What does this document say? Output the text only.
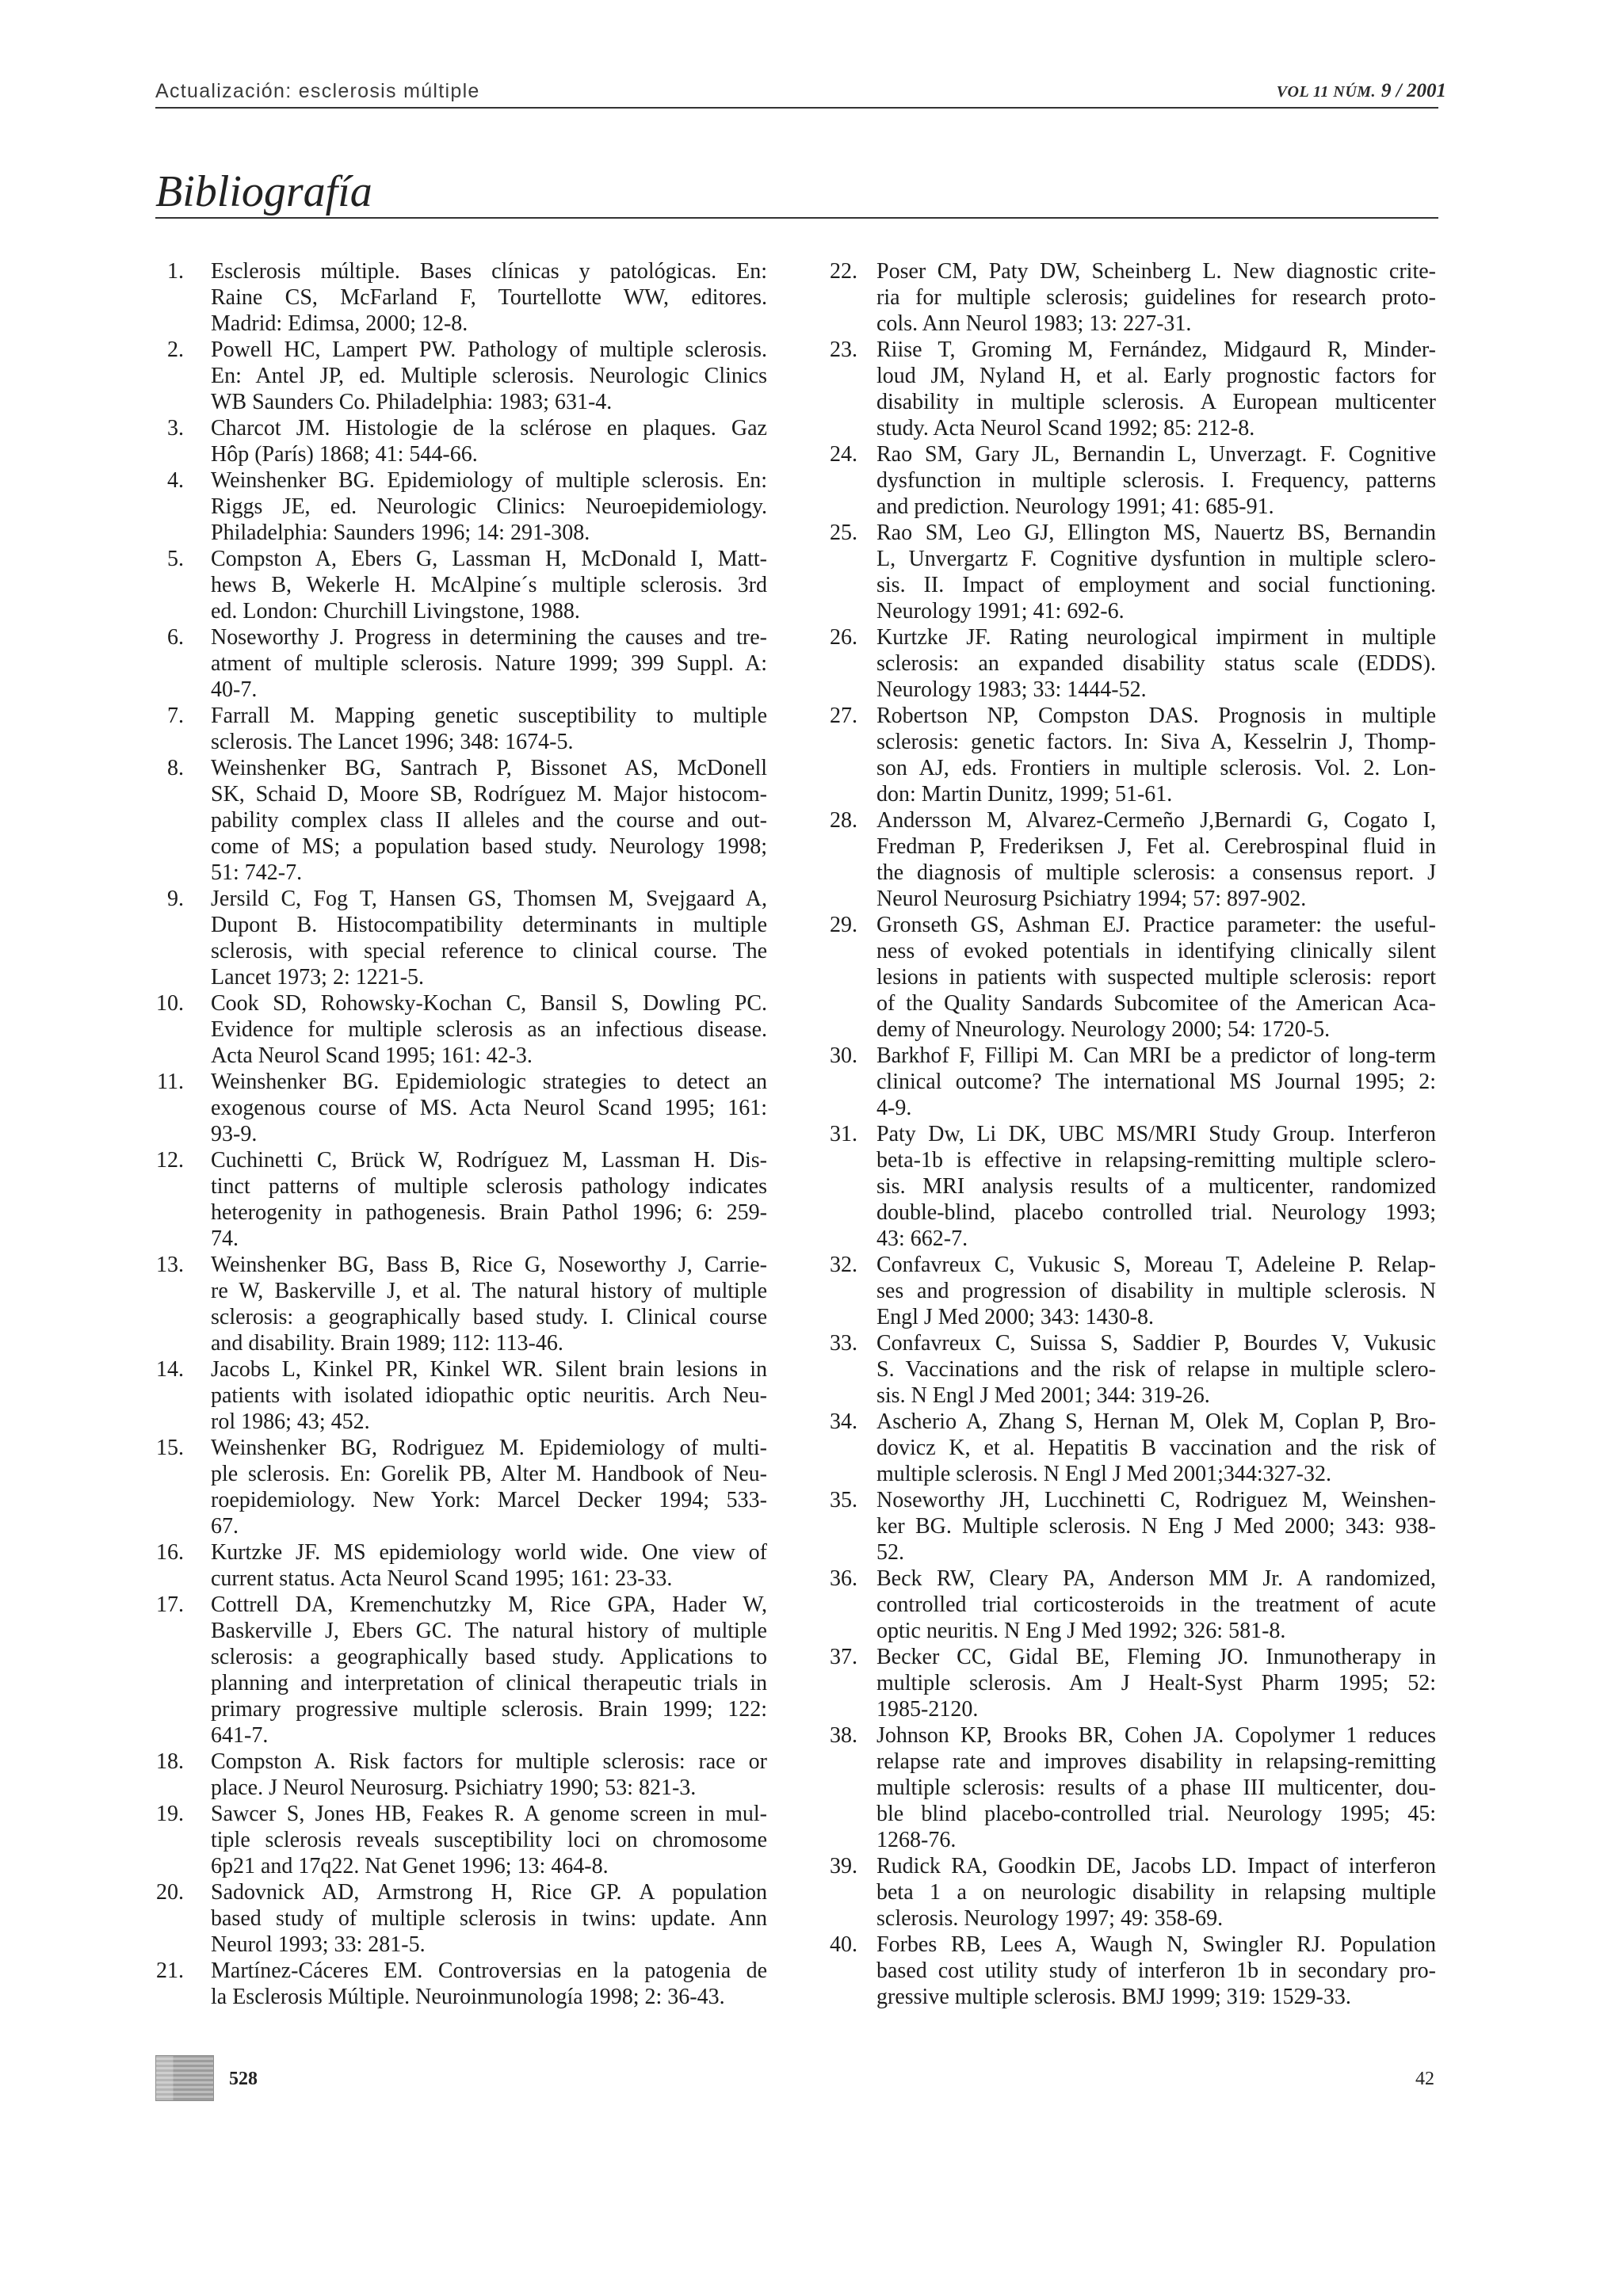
Actualización: esclerosis múltiple	VOL 11 NÚM. 9 / 2001
Bibliografía
1.	Esclerosis múltiple. Bases clínicas y patológicas. En:
Raine CS, McFarland F, Tourtellotte WW, editores.
Madrid: Edimsa, 2000; 12-8.
2.	Powell HC, Lampert PW. Pathology of multiple sclerosis.
En: Antel JP, ed. Multiple sclerosis. Neurologic Clinics
WB Saunders Co. Philadelphia: 1983; 631-4.
3.	Charcot JM. Histologie de la sclérose en plaques. Gaz
Hôp (París) 1868; 41: 544-66.
4.	Weinshenker BG. Epidemiology of multiple sclerosis. En:
Riggs JE, ed. Neurologic Clinics: Neuroepidemiology.
Philadelphia: Saunders 1996; 14: 291-308.
5.	Compston A, Ebers G, Lassman H, McDonald I, Matt-
hews B, Wekerle H. McAlpine´s multiple sclerosis. 3rd
ed. London: Churchill Livingstone, 1988.
6.	Noseworthy J. Progress in determining the causes and tre-
atment of multiple sclerosis. Nature 1999; 399 Suppl. A:
40-7.
7.	Farrall M. Mapping genetic susceptibility to multiple
sclerosis. The Lancet 1996; 348: 1674-5.
8.	Weinshenker BG, Santrach P, Bissonet AS, McDonell
SK, Schaid D, Moore SB, Rodríguez M. Major histocom-
pability complex class II alleles and the course and out-
come of MS; a population based study. Neurology 1998;
51: 742-7.
9.	Jersild C, Fog T, Hansen GS, Thomsen M, Svejgaard A,
Dupont B. Histocompatibility determinants in multiple
sclerosis, with special reference to clinical course. The
Lancet 1973; 2: 1221-5.
10.	Cook SD, Rohowsky-Kochan C, Bansil S, Dowling PC.
Evidence for multiple sclerosis as an infectious disease.
Acta Neurol Scand 1995; 161: 42-3.
11.	Weinshenker BG. Epidemiologic strategies to detect an
exogenous course of MS. Acta Neurol Scand 1995; 161:
93-9.
12.	Cuchinetti C, Brück W, Rodríguez M, Lassman H. Dis-
tinct patterns of multiple sclerosis pathology indicates
heterogenity in pathogenesis. Brain Pathol 1996; 6: 259-
74.
13.	Weinshenker BG, Bass B, Rice G, Noseworthy J, Carrie-
re W, Baskerville J, et al. The natural history of multiple
sclerosis: a geographically based study. I. Clinical course
and disability. Brain 1989; 112: 113-46.
14.	Jacobs L, Kinkel PR, Kinkel WR. Silent brain lesions in
patients with isolated idiopathic optic neuritis. Arch Neu-
rol 1986; 43; 452.
15.	Weinshenker BG, Rodriguez M. Epidemiology of multi-
ple sclerosis. En: Gorelik PB, Alter M. Handbook of Neu-
roepidemiology. New York: Marcel Decker 1994; 533-
67.
16.	Kurtzke JF. MS epidemiology world wide. One view of
current status. Acta Neurol Scand 1995; 161: 23-33.
17.	Cottrell DA, Kremenchutzky M, Rice GPA, Hader W,
Baskerville J, Ebers GC. The natural history of multiple
sclerosis: a geographically based study. Applications to
planning and interpretation of clinical therapeutic trials in
primary progressive multiple sclerosis. Brain 1999; 122:
641-7.
18.	Compston A. Risk factors for multiple sclerosis: race or
place. J Neurol Neurosurg. Psichiatry 1990; 53: 821-3.
19.	Sawcer S, Jones HB, Feakes R. A genome screen in mul-
tiple sclerosis reveals susceptibility loci on chromosome
6p21 and 17q22. Nat Genet 1996; 13: 464-8.
20.	Sadovnick AD, Armstrong H, Rice GP. A population
based study of multiple sclerosis in twins: update. Ann
Neurol 1993; 33: 281-5.
21.	Martínez-Cáceres EM. Controversias en la patogenia de
la Esclerosis Múltiple. Neuroinmunología 1998; 2: 36-43.
22. Poser CM, Paty DW, Scheinberg L. New diagnostic crite-
ria for multiple sclerosis; guidelines for research proto-
cols. Ann Neurol 1983; 13: 227-31.
23. Riise T, Groming M, Fernández, Midgaurd R, Minder-
loud JM, Nyland H, et al. Early prognostic factors for
disability in multiple sclerosis. A European multicenter
study. Acta Neurol Scand 1992; 85: 212-8.
24. Rao SM, Gary JL, Bernandin L, Unverzagt. F. Cognitive
dysfunction in multiple sclerosis. I. Frequency, patterns
and prediction. Neurology 1991; 41: 685-91.
25. Rao SM, Leo GJ, Ellington MS, Nauertz BS, Bernandin
L, Unvergartz F. Cognitive dysfuntion in multiple sclero-
sis. II. Impact of employment and social functioning.
Neurology 1991; 41: 692-6.
26. Kurtzke JF. Rating neurological impirment in multiple
sclerosis: an expanded disability status scale (EDDS).
Neurology 1983; 33: 1444-52.
27. Robertson NP, Compston DAS. Prognosis in multiple
sclerosis: genetic factors. In: Siva A, Kesselrin J, Thomp-
son AJ, eds. Frontiers in multiple sclerosis. Vol. 2. Lon-
don: Martin Dunitz, 1999; 51-61.
28. Andersson M, Alvarez-Cermeño J,Bernardi G, Cogato I,
Fredman P, Frederiksen J, Fet al. Cerebrospinal fluid in
the diagnosis of multiple sclerosis: a consensus report. J
Neurol Neurosurg Psichiatry 1994; 57: 897-902.
29. Gronseth GS, Ashman EJ. Practice parameter: the useful-
ness of evoked potentials in identifying clinically silent
lesions in patients with suspected multiple sclerosis: report
of the Quality Sandards Subcomitee of the American Aca-
demy of Nneurology. Neurology 2000; 54: 1720-5.
30. Barkhof F, Fillipi M. Can MRI be a predictor of long-term
clinical outcome? The international MS Journal 1995; 2:
4-9.
31. Paty Dw, Li DK, UBC MS/MRI Study Group. Interferon
beta-1b is effective in relapsing-remitting multiple sclero-
sis. MRI analysis results of a multicenter, randomized
double-blind, placebo controlled trial. Neurology 1993;
43: 662-7.
32. Confavreux C, Vukusic S, Moreau T, Adeleine P. Relap-
ses and progression of disability in multiple sclerosis. N
Engl J Med 2000; 343: 1430-8.
33. Confavreux C, Suissa S, Saddier P, Bourdes V, Vukusic
S. Vaccinations and the risk of relapse in multiple sclero-
sis. N Engl J Med 2001; 344: 319-26.
34. Ascherio A, Zhang S, Hernan M, Olek M, Coplan P, Bro-
dovicz K, et al. Hepatitis B vaccination and the risk of
multiple sclerosis. N Engl J Med 2001;344:327-32.
35. Noseworthy JH, Lucchinetti C, Rodriguez M, Weinshen-
ker BG. Multiple sclerosis. N Eng J Med 2000; 343: 938-
52.
36. Beck RW, Cleary PA, Anderson MM Jr. A randomized,
controlled trial corticosteroids in the treatment of acute
optic neuritis. N Eng J Med 1992; 326: 581-8.
37. Becker CC, Gidal BE, Fleming JO. Inmunotherapy in
multiple sclerosis. Am J Healt-Syst Pharm 1995; 52:
1985-2120.
38. Johnson KP, Brooks BR, Cohen JA. Copolymer 1 reduces
relapse rate and improves disability in relapsing-remitting
multiple sclerosis: results of a phase III multicenter, dou-
ble blind placebo-controlled trial. Neurology 1995; 45:
1268-76.
39. Rudick RA, Goodkin DE, Jacobs LD. Impact of interferon
beta 1 a on neurologic disability in relapsing multiple
sclerosis. Neurology 1997; 49: 358-69.
40. Forbes RB, Lees A, Waugh N, Swingler RJ. Population
based cost utility study of interferon 1b in secondary pro-
gressive multiple sclerosis. BMJ 1999; 319: 1529-33.
528	42
